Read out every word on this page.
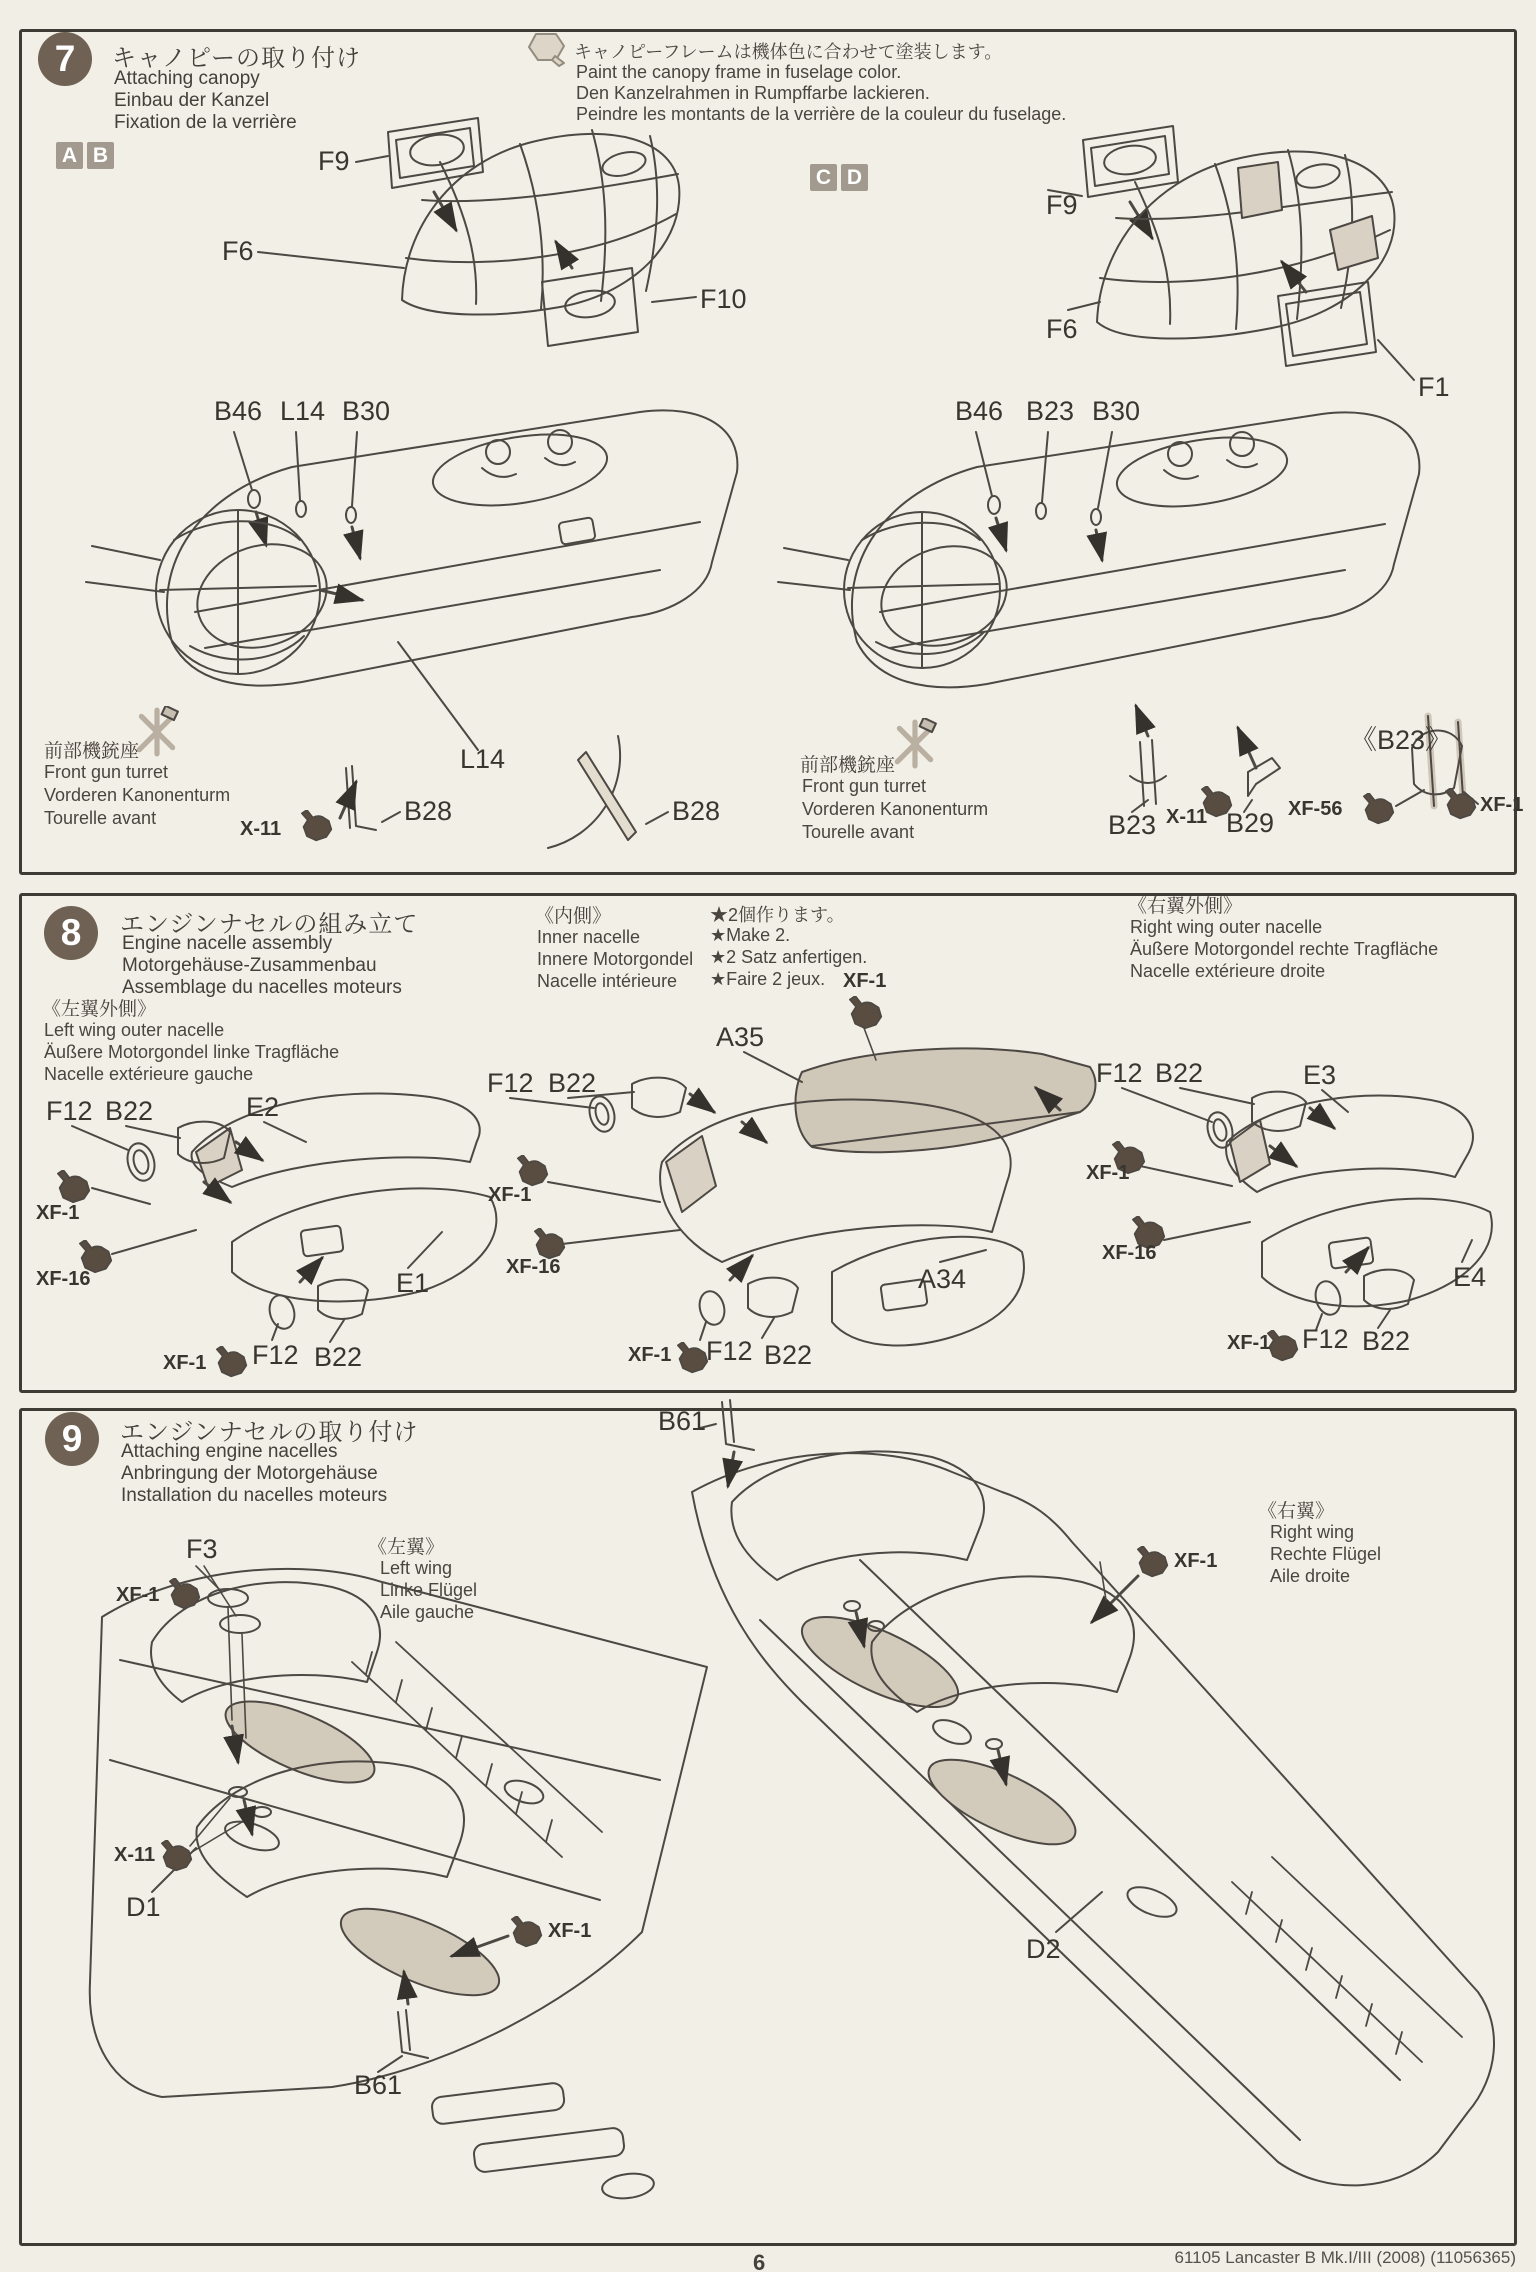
7 キャノピーの取り付け
Attaching canopy
Einbau der Kanzel
Fixation de la verrière
キャノピーフレームは機体色に合わせて塗装します。
Paint the canopy frame in fuselage color.
Den Kanzelrahmen in Rumpffarbe lackieren.
Peindre les montants de la verrière de la couleur du fuselage.
A B
C D
F9
F6
F10
B46 L14 B30
前部機銃座
Front gun turret
Vorderen Kanonenturm
Tourelle avant
L14
B28
X-11
B28
F9
F6
F1
B46 B23 B30
前部機銃座
Front gun turret
Vorderen Kanonenturm
Tourelle avant	B23 X-11 B29
《B23》
XF-56	XF-1
8 エンジンナセルの組み立て
Engine nacelle assembly
Motorgehäuse-Zusammenbau
Assemblage du nacelles moteurs
《左翼外側》
Left wing outer nacelle
Äußere Motorgondel linke Tragfläche
Nacelle extérieure gauche
《内側》
Inner nacelle
Innere Motorgondel
Nacelle intérieure
★2個作ります。
★Make 2.
★2 Satz anfertigen.
★Faire 2 jeux.
《右翼外側》
Right wing outer nacelle
Äußere Motorgondel rechte Tragfläche
Nacelle extérieure droite
F12 B22	E2
XF-1
XF-16	E1
XF-1 F12 B22
XF-1
A35
F12 B22
XF-1
XF-16	A34
XF-1 F12 B22
F12 B22	E3
XF-1
XF-16
E4
XF-1 F12 B22
9 エンジンナセルの取り付け
Attaching engine nacelles
Anbringung der Motorgehäuse
Installation du nacelles moteurs
F3
XF-1
《左翼》
Left wing
Linke Flügel
Aile gauche
B61
《右翼》
Right wing
Rechte Flügel
Aile droite
XF-1
X-11
D1
XF-1
B61
D2
61105 Lancaster B Mk.I/III (2008) (11056365)
6
